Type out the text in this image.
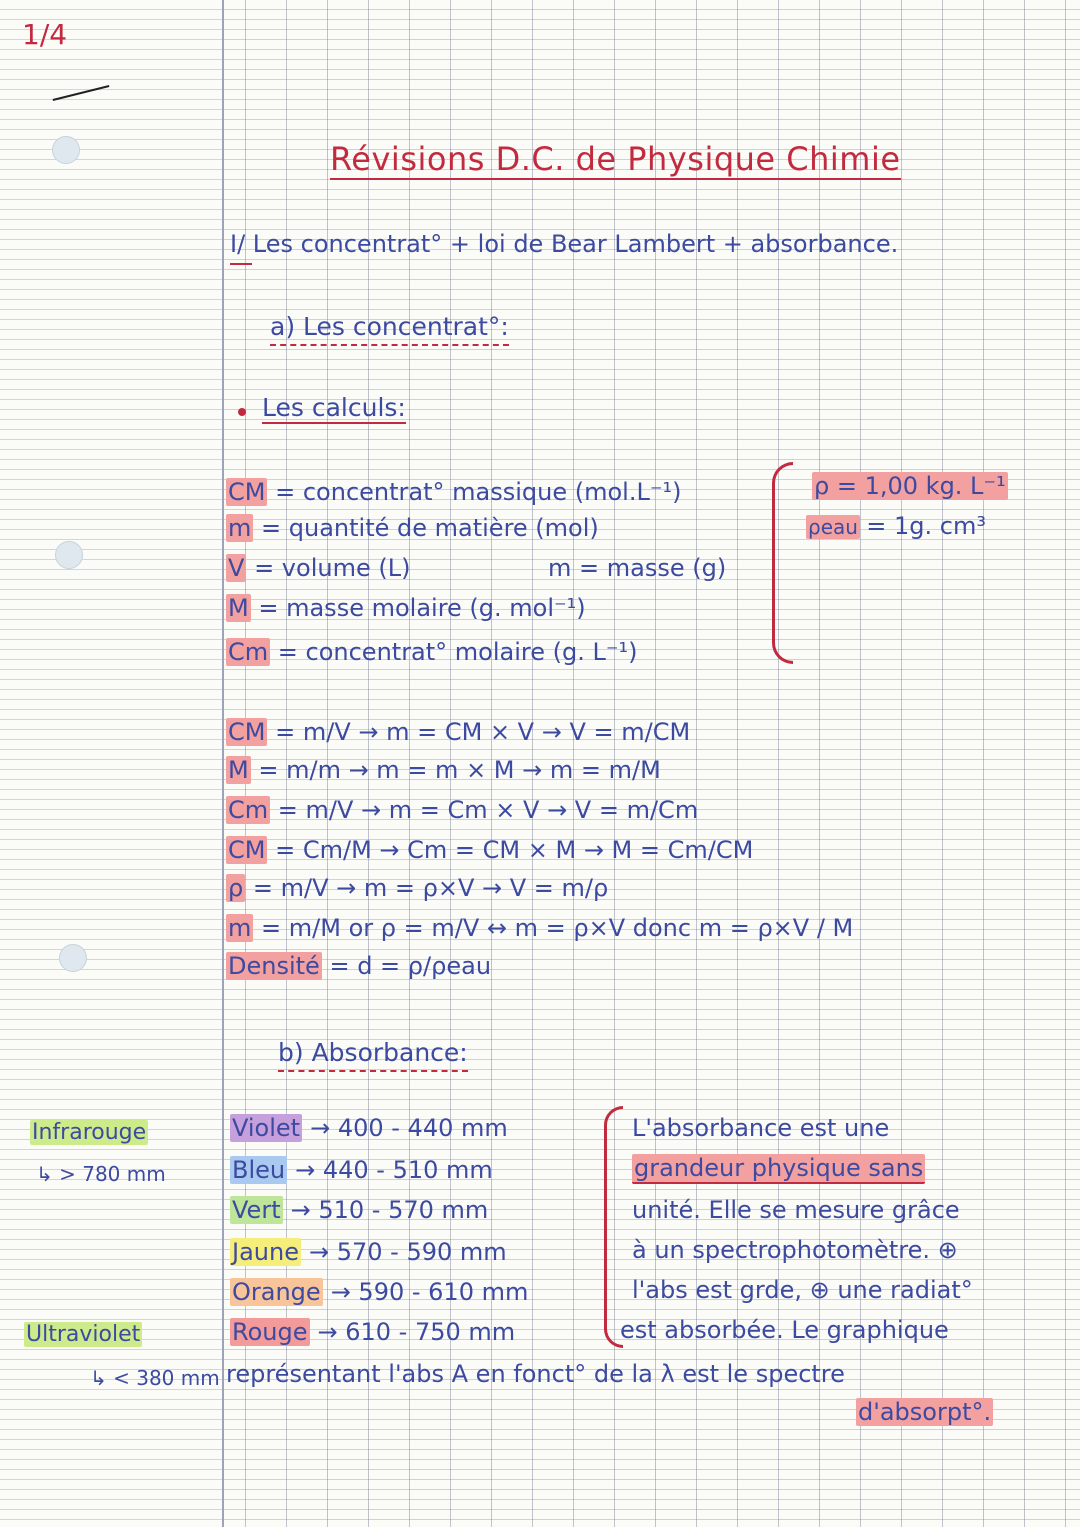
1/4
Révisions D.C. de Physique Chimie
I/ Les concentrat° + loi de Bear Lambert + absorbance.
a) Les concentrat°:
Les calculs:
CM = concentrat° massique (mol.L⁻¹)
m = quantité de matière (mol)
V = volume (L)	m = masse (g)
M = masse molaire (g. mol⁻¹)
Cm = concentrat° molaire (g. L⁻¹)
ρ = 1,00 kg. L⁻¹
ρeau = 1g. cm³
CM = m/V → m = CM × V → V = m/CM
M = m/m → m = m × M → m = m/M
Cm = m/V → m = Cm × V → V = m/Cm
CM = Cm/M → Cm = CM × M → M = Cm/CM
ρ = m/V → m = ρ×V → V = m/ρ
m = m/M or ρ = m/V ↔ m = ρ×V donc m = ρ×V / M
Densité = d = ρ/ρeau
b) Absorbance:
Infrarouge
↳ > 780 mm
Ultraviolet
↳ < 380 mm
Violet → 400 - 440 mm
Bleu → 440 - 510 mm
Vert → 510 - 570 mm
Jaune → 570 - 590 mm
Orange → 590 - 610 mm
Rouge → 610 - 750 mm
L'absorbance est une
grandeur physique sans
unité. Elle se mesure grâce
à un spectrophotomètre. ⊕
l'abs est grde, ⊕ une radiat°
est absorbée. Le graphique
représentant l'abs A en fonct° de la λ est le spectre
d'absorpt°.
